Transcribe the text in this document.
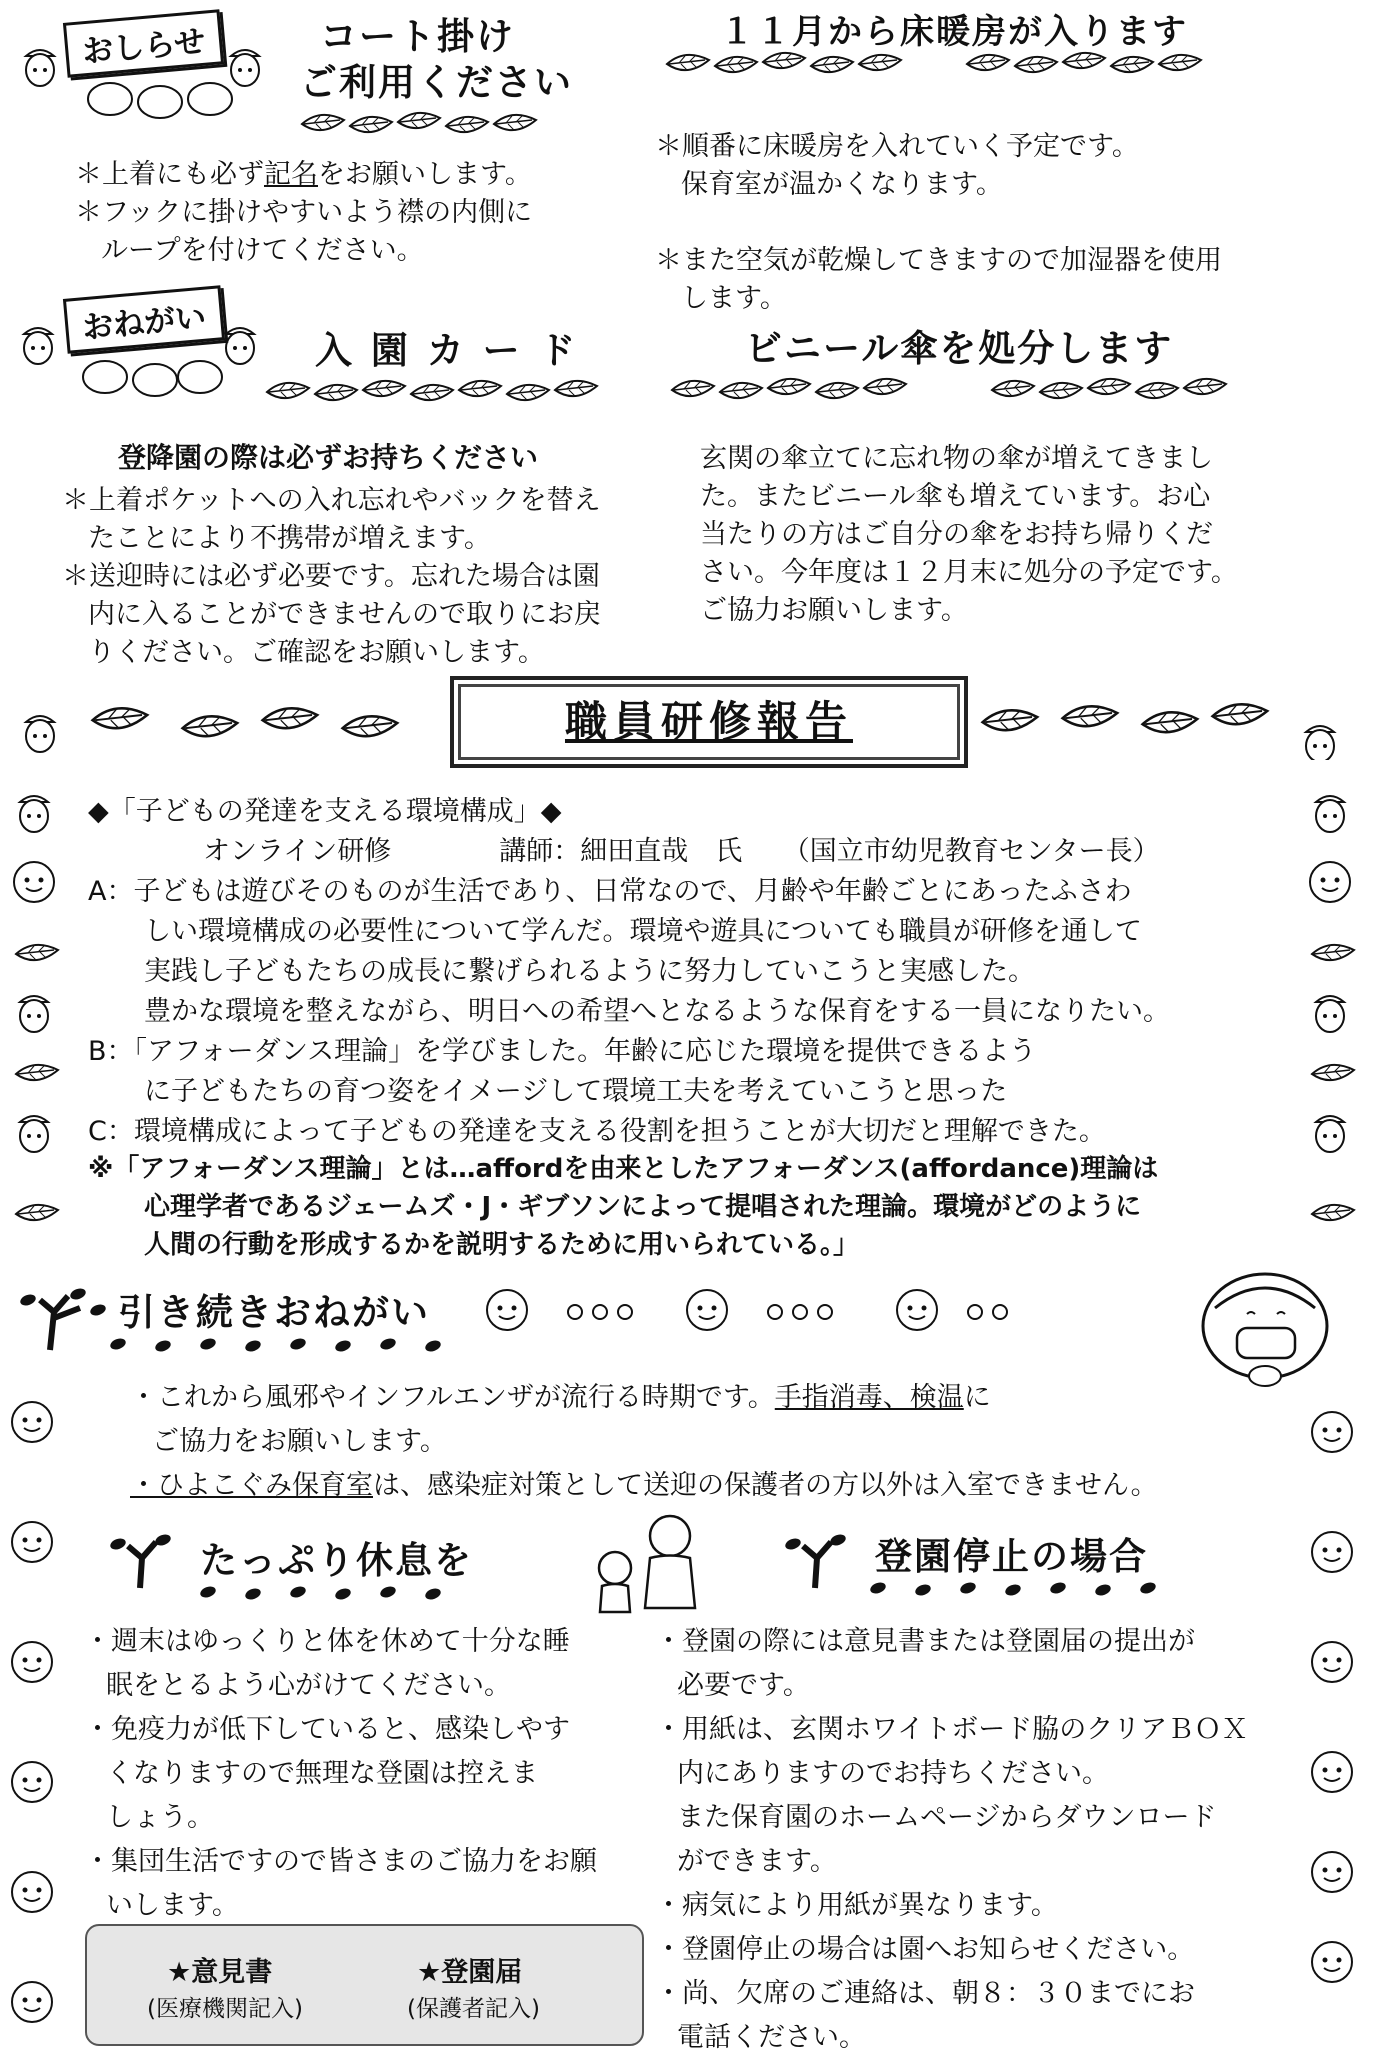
おしらせ	コート掛け
ご利用ください
＊上着にも必ず記名をお願いします。
＊フックに掛けやすいよう襟の内側に
ループを付けてください。
１１月から床暖房が入ります
＊順番に床暖房を入れていく予定です。
保育室が温かくなります。
＊また空気が乾燥してきますので加湿器を使用
します。
おねがい
入 園 カ ー ド
登降園の際は必ずお持ちください
＊上着ポケットへの入れ忘れやバックを替え
たことにより不携帯が増えます。
＊送迎時には必ず必要です。忘れた場合は園
内に入ることができませんので取りにお戻
りください。ご確認をお願いします。
ビニール傘を処分します
玄関の傘立てに忘れ物の傘が増えてきまし
た。またビニール傘も増えています。お心
当たりの方はご自分の傘をお持ち帰りくだ
さい。今年度は１２月末に処分の予定です。
ご協力お願いします。
職員研修報告
◆「子どもの発達を支える環境構成」◆
オンライン研修　　　　講師：細田直哉　氏　　（国立市幼児教育センター長）
A：子どもは遊びそのものが生活であり、日常なので、月齢や年齢ごとにあったふさわ
しい環境構成の必要性について学んだ。環境や遊具についても職員が研修を通して
実践し子どもたちの成長に繋げられるように努力していこうと実感した。
豊かな環境を整えながら、明日への希望へとなるような保育をする一員になりたい。
B：「アフォーダンス理論」を学びました。年齢に応じた環境を提供できるよう
に子どもたちの育つ姿をイメージして環境工夫を考えていこうと思った
C：環境構成によって子どもの発達を支える役割を担うことが大切だと理解できた。
※「アフォーダンス理論」とは…affordを由来としたアフォーダンス(affordance)理論は
心理学者であるジェームズ・J・ギブソンによって提唱された理論。環境がどのように
人間の行動を形成するかを説明するために用いられている。」
引き続きおねがい
・これから風邪やインフルエンザが流行る時期です。手指消毒、検温に
ご協力をお願いします。
・ひよこぐみ保育室は、感染症対策として送迎の保護者の方以外は入室できません。
たっぷり休息を
・週末はゆっくりと体を休めて十分な睡
眠をとるよう心がけてください。
・免疫力が低下していると、感染しやす
くなりますので無理な登園は控えま
しょう。
・集団生活ですので皆さまのご協力をお願
いします。
★意見書
(医療機関記入)
★登園届
(保護者記入)
登園停止の場合
・登園の際には意見書または登園届の提出が
必要です。
・用紙は、玄関ホワイトボード脇のクリアＢＯＸ
内にありますのでお持ちください。
また保育園のホームページからダウンロード
ができます。
・病気により用紙が異なります。
・登園停止の場合は園へお知らせください。
・尚、欠席のご連絡は、朝８：３０までにお
電話ください。
